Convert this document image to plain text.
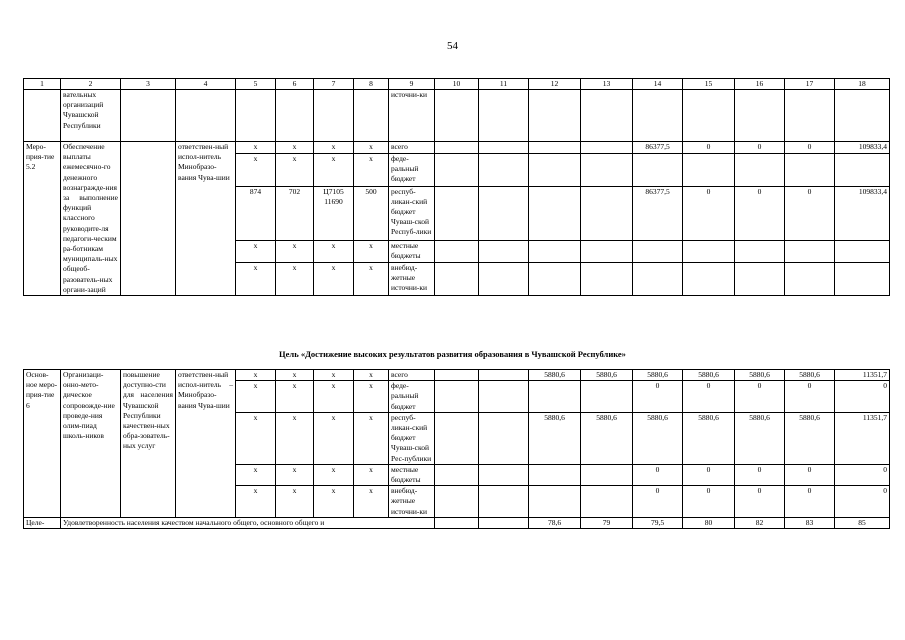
54
1	2	3	4	5	6	7	8	9	10	11	12	13	14	15	16	17	18
	вательных организаций Чувашской Республики							источни-ки									
Меро-прия-тие 5.2	Обеспечение выплаты ежемесячно-го денежного вознагражде-ния за выполнение функций классного руководите-ля педагоги-ческим ра-ботникам муниципаль-ных общеоб-разователь-ных органи-заций		ответствен-ный испол-нитель Минобразо-вания Чува-шии	x	x	x	x	всего					86377,5	0	0	0	109833,4
				x	x	x	x	феде-ральный бюджет									
				874	702	Ц7105 11690	500	респуб-ликан-ский бюджет Чуваш-ской Респуб-лики					86377,5	0	0	0	109833,4
				x	x	x	x	местные бюджеты									
				x	x	x	x	внебюд-жетные источни-ки									
Цель «Достижение высоких результатов развития образования в Чувашской Республике»
Основ-ное меро-прия-тие 6	Организаци-онно-мето-дическое сопровожде-ние проведе-ния олим-пиад школь-ников	повышение доступно-сти для населения Чувашской Республики качествен-ных обра-зователь-ных услуг	ответствен-ный испол-нитель – Минобразо-вания Чува-шии	x	x	x	x	всего			5880,6	5880,6	5880,6	5880,6	5880,6	5880,6	11351,7
				x	x	x	x	феде-ральный бюджет					0	0	0	0	0
				x	x	x	x	респуб-ликан-ский бюджет Чуваш-ской Рес-публики			5880,6	5880,6	5880,6	5880,6	5880,6	5880,6	11351,7
				x	x	x	x	местные бюджеты					0	0	0	0	0
				x	x	x	x	внебюд-жетные источни-ки					0	0	0	0	0
Целе-	Удовлетворенность населения качеством начального общего, основного общего и										78,6	79	79,5	80	82	83	85
